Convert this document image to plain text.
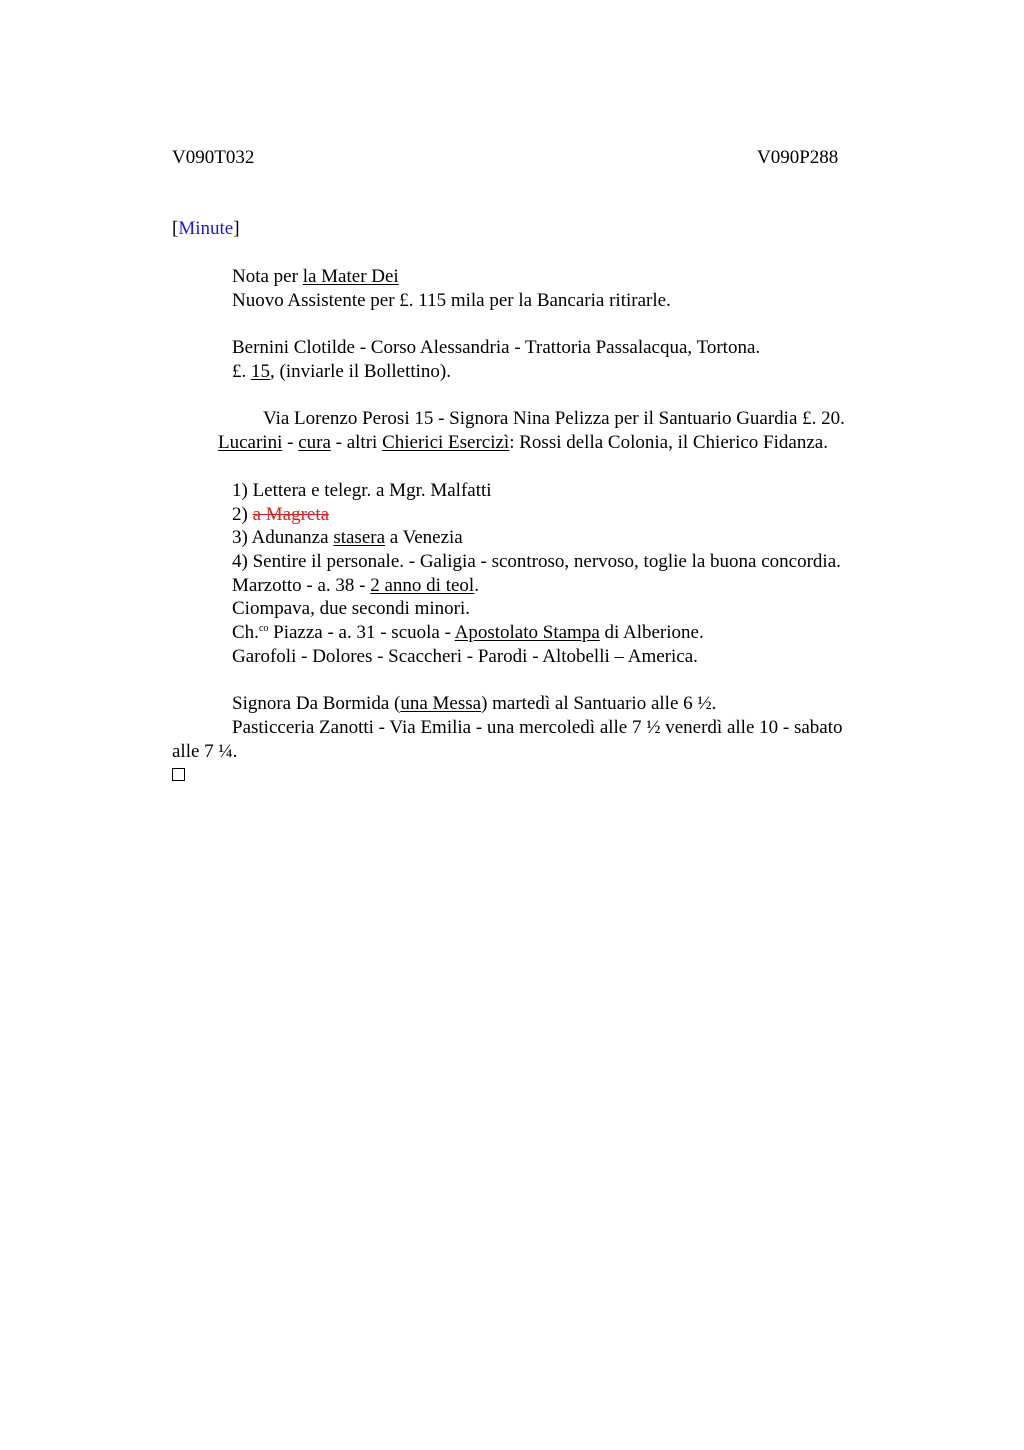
V090T032	V090P288
[Minute]
Nota per la Mater Dei
Nuovo Assistente per £. 115 mila per la Bancaria ritirarle.
Bernini Clotilde - Corso Alessandria - Trattoria Passalacqua, Tortona.
£. 15, (inviarle il Bollettino).
Via Lorenzo Perosi 15 - Signora Nina Pelizza per il Santuario Guardia £. 20.
Lucarini - cura - altri Chierici Esercizi: Rossi della Colonia, il Chierico Fidanza.
1) Lettera e telegr. a Mgr. Malfatti
2) a Magreta
3) Adunanza stasera a Venezia
4) Sentire il personale. - Galigia - scontroso, nervoso, toglie la buona concordia.
Marzotto - a. 38 - 2 anno di teol.
Ciompava, due secondi minori.
Ch.$^{co}$ Piazza - a. 31 - scuola - Apostolato Stampa di Alberione.
Garofoli - Dolores - Scaccheri - Parodi - Altobelli – America.
Signora Da Bormida (una Messa) martedì al Santuario alle 6 ½.
Pasticceria Zanotti - Via Emilia - una mercoledì alle 7 ½ venerdì alle 10 - sabato
alle 7 ¼.
